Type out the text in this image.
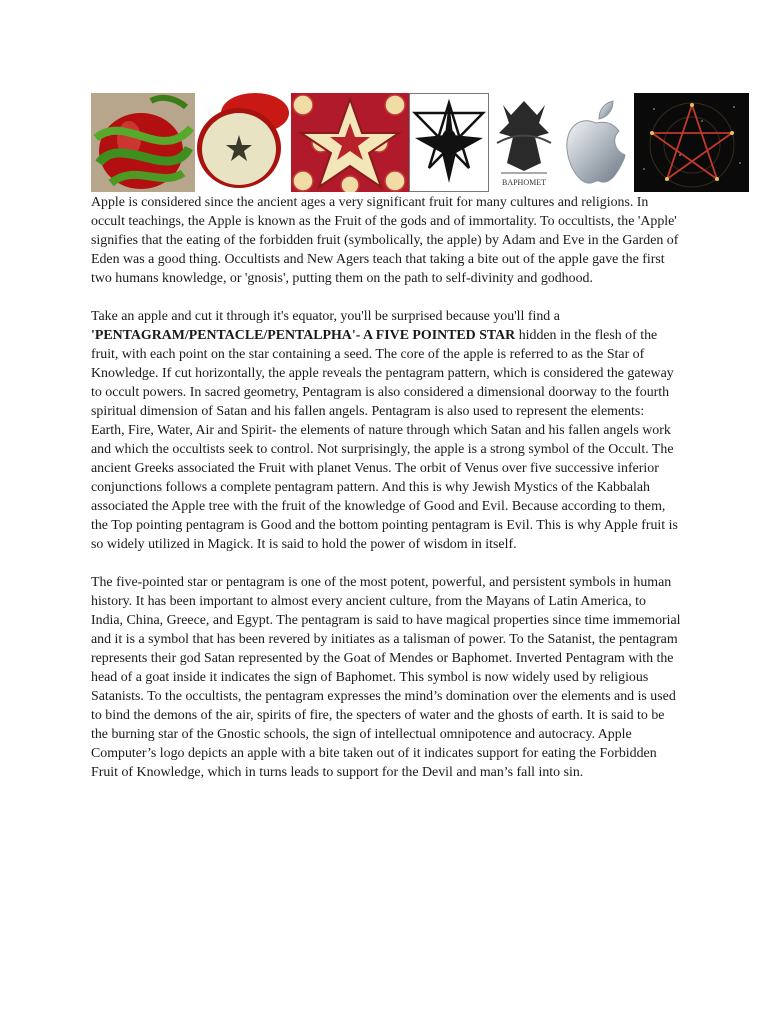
BAPHOMET

Apple is considered since the ancient ages a very significant fruit for many cultures and religions. In occult teachings, the Apple is known as the Fruit of the gods and of immortality. To occultists, the 'Apple' signifies that the eating of the forbidden fruit (symbolically, the apple) by Adam and Eve in the Garden of Eden was a good thing. Occultists and New Agers teach that taking a bite out of the apple gave the first two humans knowledge, or 'gnosis', putting them on the path to self-divinity and godhood.

Take an apple and cut it through it's equator, you'll be surprised because you'll find a 'PENTAGRAM/PENTACLE/PENTALPHA'- A FIVE POINTED STAR hidden in the flesh of the fruit, with each point on the star containing a seed. The core of the apple is referred to as the Star of Knowledge. If cut horizontally, the apple reveals the pentagram pattern, which is considered the gateway to occult powers. In sacred geometry, Pentagram is also considered a dimensional doorway to the fourth spiritual dimension of Satan and his fallen angels. Pentagram is also used to represent the elements: Earth, Fire, Water, Air and Spirit- the elements of nature through which Satan and his fallen angels work and which the occultists seek to control. Not surprisingly, the apple is a strong symbol of the Occult. The ancient Greeks associated the Fruit with planet Venus. The orbit of Venus over five successive inferior conjunctions follows a complete pentagram pattern. And this is why Jewish Mystics of the Kabbalah associated the Apple tree with the fruit of the knowledge of Good and Evil. Because according to them, the Top pointing pentagram is Good and the bottom pointing pentagram is Evil. This is why Apple fruit is so widely utilized in Magick. It is said to hold the power of wisdom in itself.

The five-pointed star or pentagram is one of the most potent, powerful, and persistent symbols in human history. It has been important to almost every ancient culture, from the Mayans of Latin America, to India, China, Greece, and Egypt. The pentagram is said to have magical properties since time immemorial and it is a symbol that has been revered by initiates as a talisman of power. To the Satanist, the pentagram represents their god Satan represented by the Goat of Mendes or Baphomet. Inverted Pentagram with the head of a goat inside it indicates the sign of Baphomet. This symbol is now widely used by religious Satanists. To the occultists, the pentagram expresses the mind’s domination over the elements and is used to bind the demons of the air, spirits of fire, the specters of water and the ghosts of earth. It is said to be the burning star of the Gnostic schools, the sign of intellectual omnipotence and autocracy. Apple Computer’s logo depicts an apple with a bite taken out of it indicates support for eating the Forbidden Fruit of Knowledge, which in turns leads to support for the Devil and man’s fall into sin.
